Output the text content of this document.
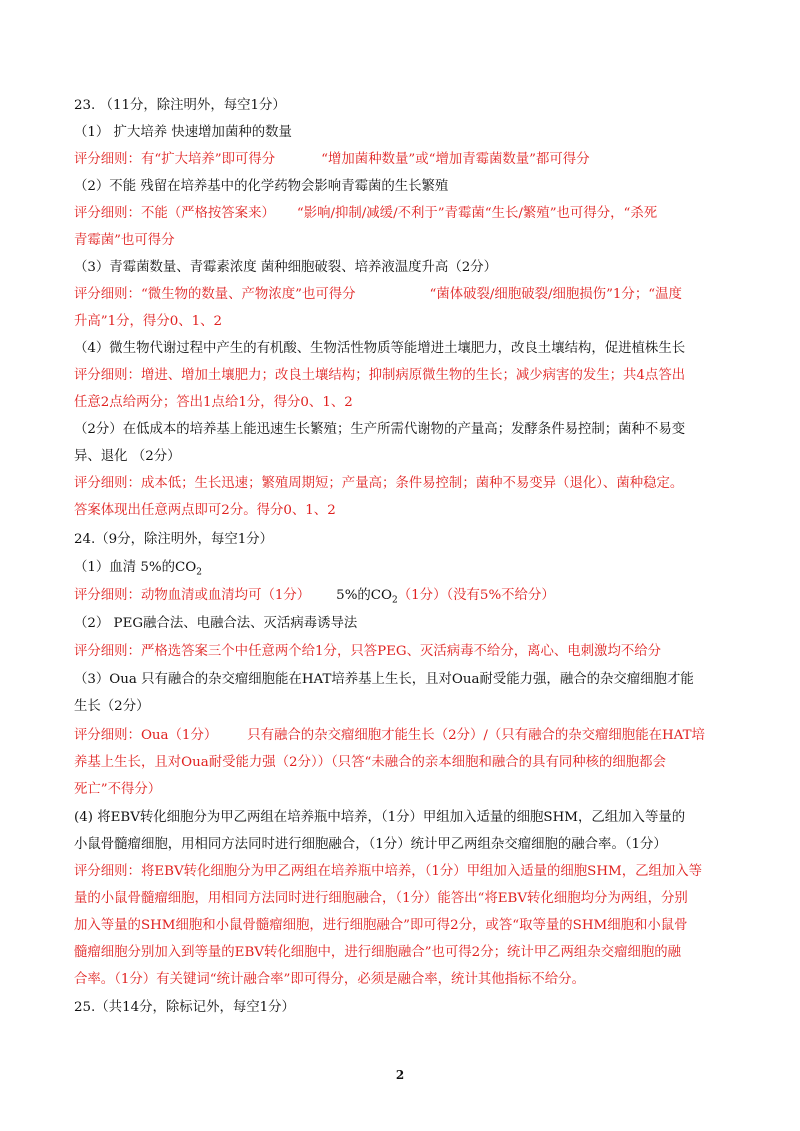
23. （11分，除注明外，每空1分）
（1） 扩大培养 快速增加菌种的数量
评分细则：有“扩大培养”即可得分	“增加菌种数量”或“增加青霉菌数量”都可得分
（2）不能 残留在培养基中的化学药物会影响青霉菌的生长繁殖
评分细则：不能（严格按答案来） “影响/抑制/减缓/不利于”青霉菌“生长/繁殖”也可得分，“杀死
青霉菌”也可得分
（3）青霉菌数量、青霉素浓度 菌种细胞破裂、培养液温度升高（2分）
评分细则：“微生物的数量、产物浓度”也可得分	“菌体破裂/细胞破裂/细胞损伤”1分；“温度
升高”1分，得分0、1、2
（4）微生物代谢过程中产生的有机酸、生物活性物质等能增进土壤肥力，改良土壤结构，促进植株生长
评分细则：增进、增加土壤肥力；改良土壤结构；抑制病原微生物的生长；减少病害的发生；共4点答出
任意2点给两分；答出1点给1分，得分0、1、2
（2分）在低成本的培养基上能迅速生长繁殖；生产所需代谢物的产量高；发酵条件易控制；菌种不易变
异、退化 （2分）
评分细则：成本低；生长迅速；繁殖周期短；产量高；条件易控制；菌种不易变异（退化）、菌种稳定。
答案体现出任意两点即可2分。得分0、1、2
24.（9分，除注明外，每空1分）
（1）血清 5%的$CO_2$
评分细则：动物血清或血清均可（1分） 5%的$CO_2(1$分）（没有5%不给分）
（2） PEG融合法、电融合法、灭活病毒诱导法
评分细则：严格选答案三个中任意两个给1分，只答PEG、灭活病毒不给分，离心、电刺激均不给分
（3）Oua 只有融合的杂交瘤细胞能在HAT培养基上生长，且对Oua耐受能力强，融合的杂交瘤细胞才能
生长（2分）
评分细则：Oua（1分） 只有融合的杂交瘤细胞才能生长（2分）/（只有融合的杂交瘤细胞能在HAT培
养基上生长，且对Oua耐受能力强（2分））（只答“未融合的亲本细胞和融合的具有同种核的细胞都会
死亡”不得分）
(4) 将EBV转化细胞分为甲乙两组在培养瓶中培养，（1分）甲组加入适量的细胞SHM，乙组加入等量的
小鼠骨髓瘤细胞，用相同方法同时进行细胞融合，（1分）统计甲乙两组杂交瘤细胞的融合率。（1分）
评分细则：将EBV转化细胞分为甲乙两组在培养瓶中培养，（1分）甲组加入适量的细胞SHM，乙组加入等
量的小鼠骨髓瘤细胞，用相同方法同时进行细胞融合，（1分）能答出“将EBV转化细胞均分为两组，分别
加入等量的SHM细胞和小鼠骨髓瘤细胞，进行细胞融合”即可得2分，或答“取等量的SHM细胞和小鼠骨
髓瘤细胞分别加入到等量的EBV转化细胞中，进行细胞融合”也可得2分；统计甲乙两组杂交瘤细胞的融
合率。（1分）有关键词“统计融合率”即可得分，必须是融合率，统计其他指标不给分。
25.（共14分，除标记外，每空1分）
2
